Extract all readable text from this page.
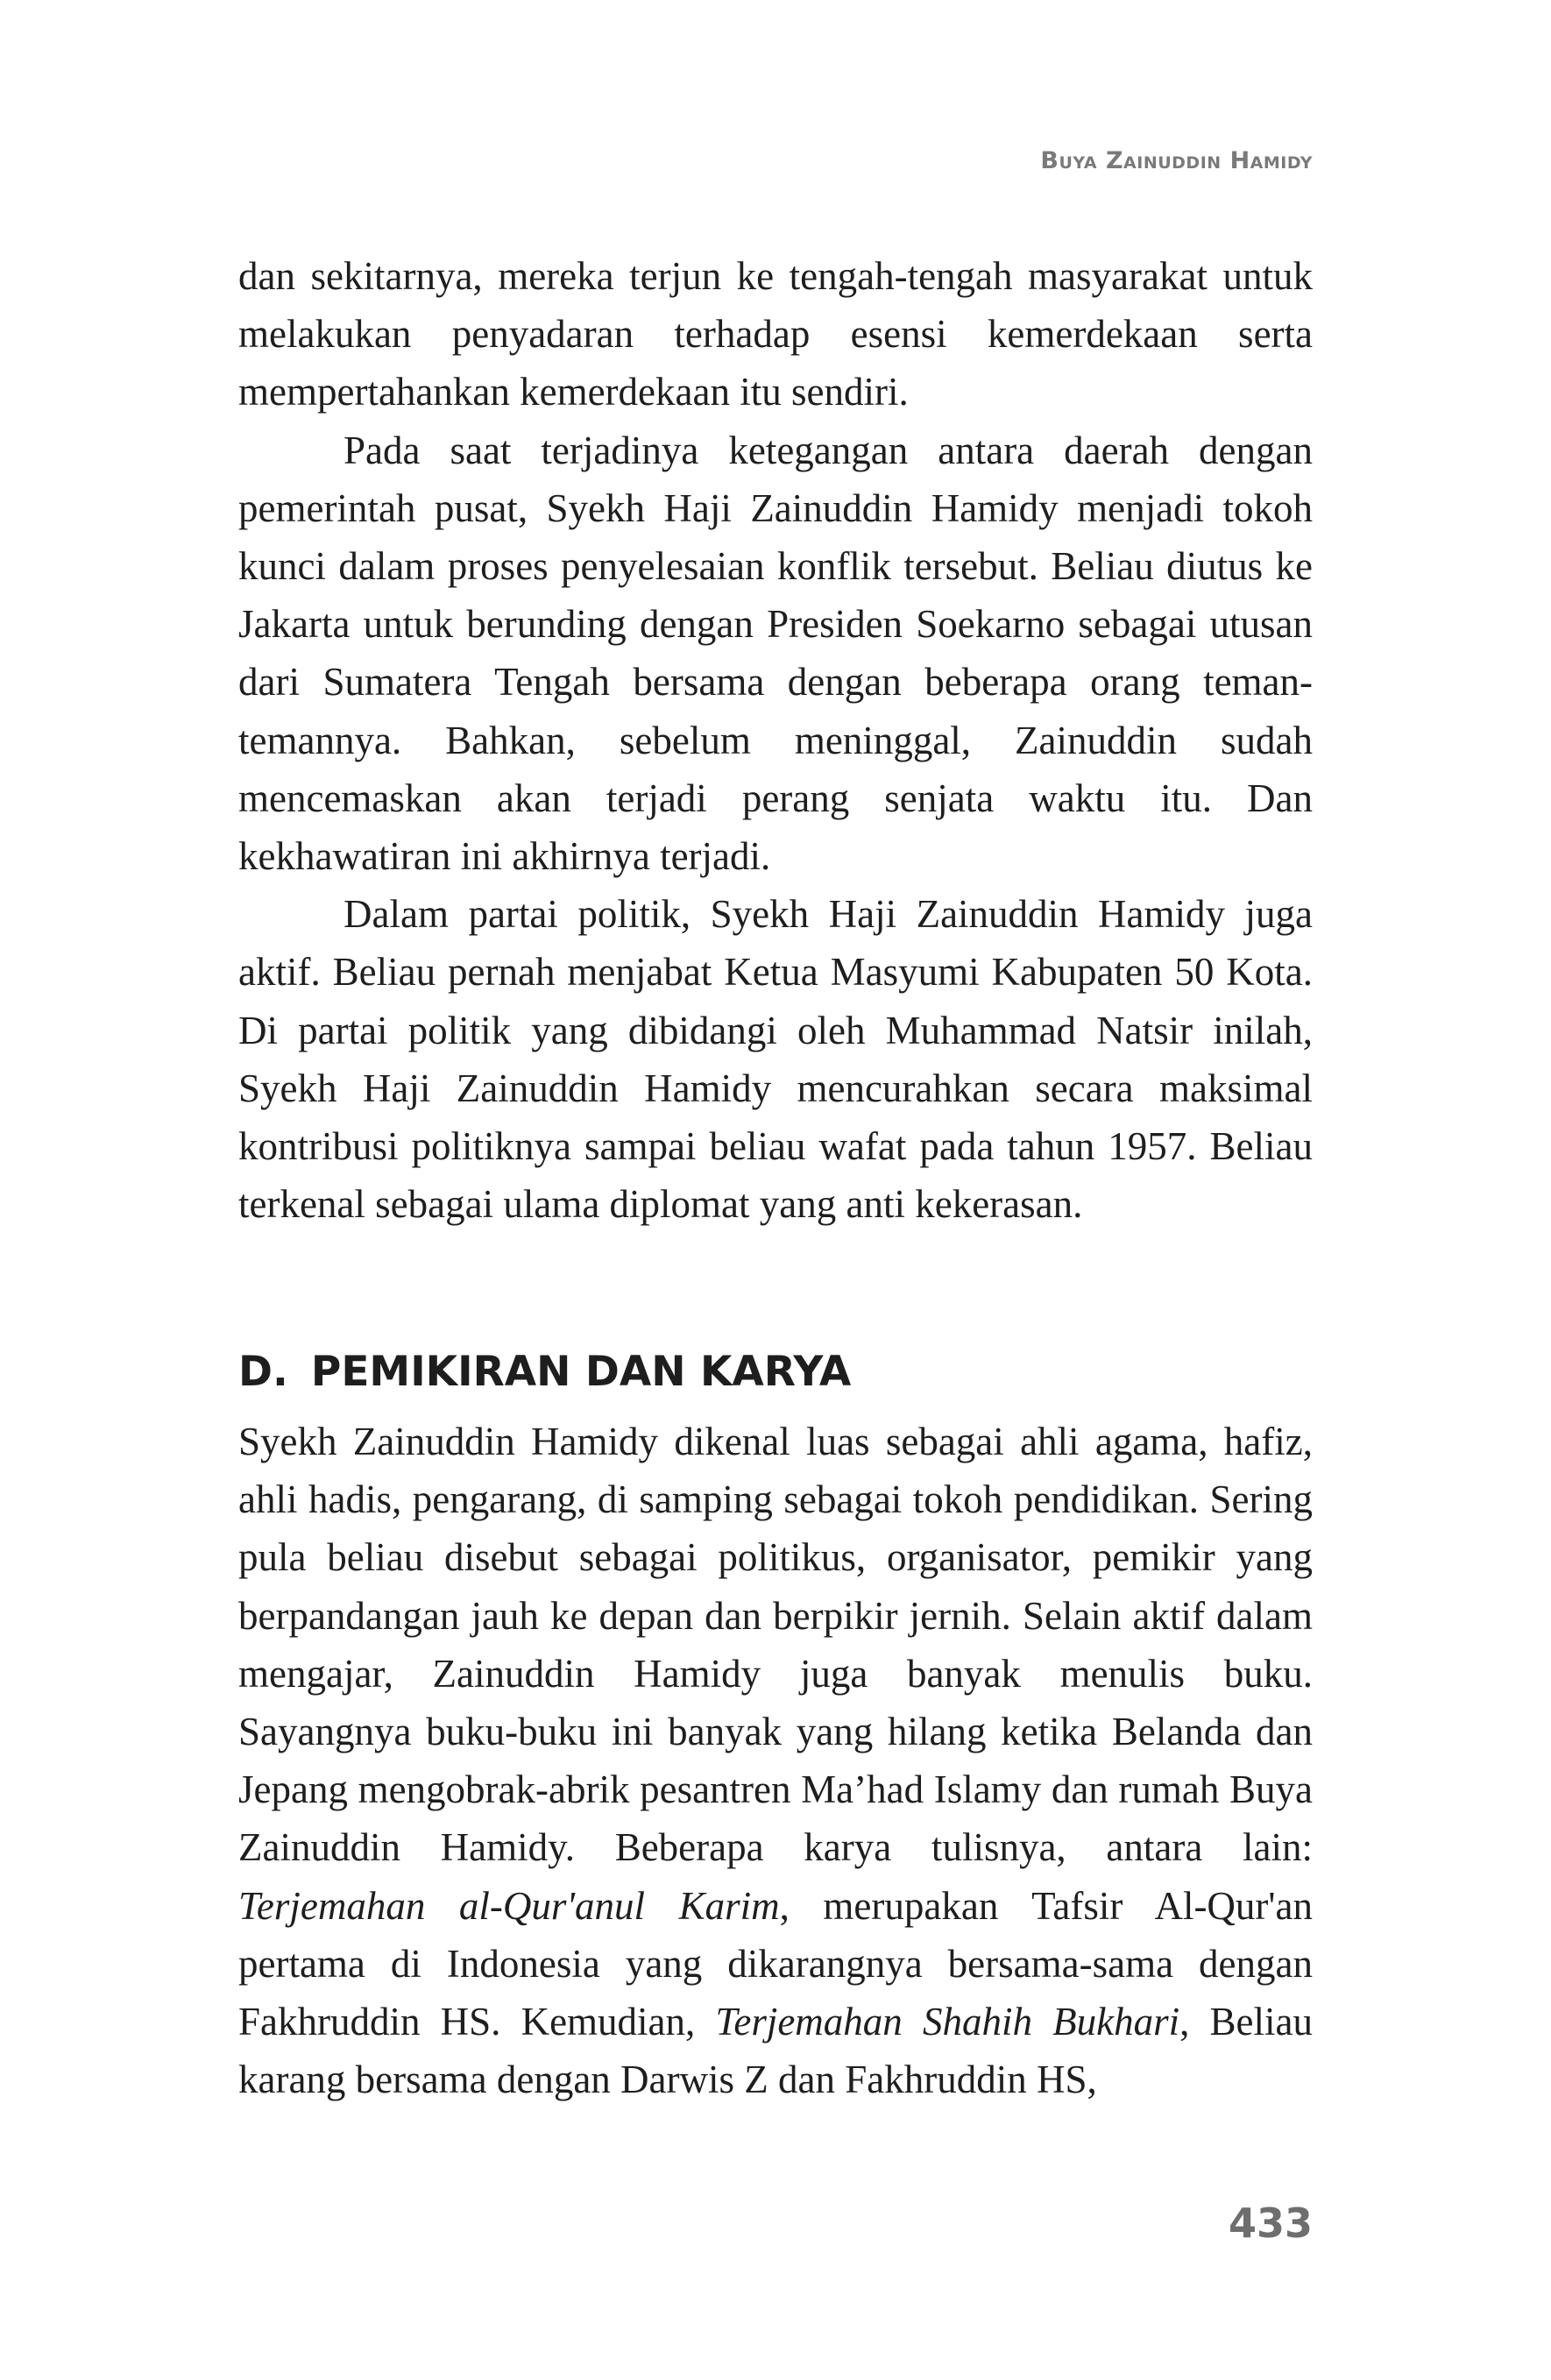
Buya Zainuddin Hamidy

dan sekitarnya, mereka terjun ke tengah-tengah masyarakat untuk melakukan penyadaran terhadap esensi kemerdekaan serta mempertahankan kemerdekaan itu sendiri.

Pada saat terjadinya ketegangan antara daerah dengan pemerintah pusat, Syekh Haji Zainuddin Hamidy menjadi tokoh kunci dalam proses penyelesaian konflik tersebut. Beliau diutus ke Jakarta untuk berunding dengan Presiden Soekarno sebagai utusan dari Sumatera Tengah bersama dengan beberapa orang teman-temannya. Bahkan, sebelum meninggal, Zainuddin sudah mencemaskan akan terjadi perang senjata waktu itu. Dan kekhawatiran ini akhirnya terjadi.

Dalam partai politik, Syekh Haji Zainuddin Hamidy juga aktif. Beliau pernah menjabat Ketua Masyumi Kabupaten 50 Kota. Di partai politik yang dibidangi oleh Muhammad Natsir inilah, Syekh Haji Zainuddin Hamidy mencurahkan secara maksimal kontribusi politiknya sampai beliau wafat pada tahun 1957. Beliau terkenal sebagai ulama diplomat yang anti kekerasan.

D. PEMIKIRAN DAN KARYA

Syekh Zainuddin Hamidy dikenal luas sebagai ahli agama, hafiz, ahli hadis, pengarang, di samping sebagai tokoh pendidikan. Sering pula beliau disebut sebagai politikus, organisator, pemikir yang berpandangan jauh ke depan dan berpikir jernih. Selain aktif dalam mengajar, Zainuddin Hamidy juga banyak menulis buku. Sayangnya buku-buku ini banyak yang hilang ketika Belanda dan Jepang mengobrak-abrik pesantren Ma’had Islamy dan rumah Buya Zainuddin Hamidy. Beberapa karya tulisnya, antara lain: Terjemahan al-Qur'anul Karim, merupakan Tafsir Al-Qur'an pertama di Indonesia yang dikarangnya bersama-sama dengan Fakhruddin HS. Kemudian, Terjemahan Shahih Bukhari, Beliau karang bersama dengan Darwis Z dan Fakhruddin HS,

433
